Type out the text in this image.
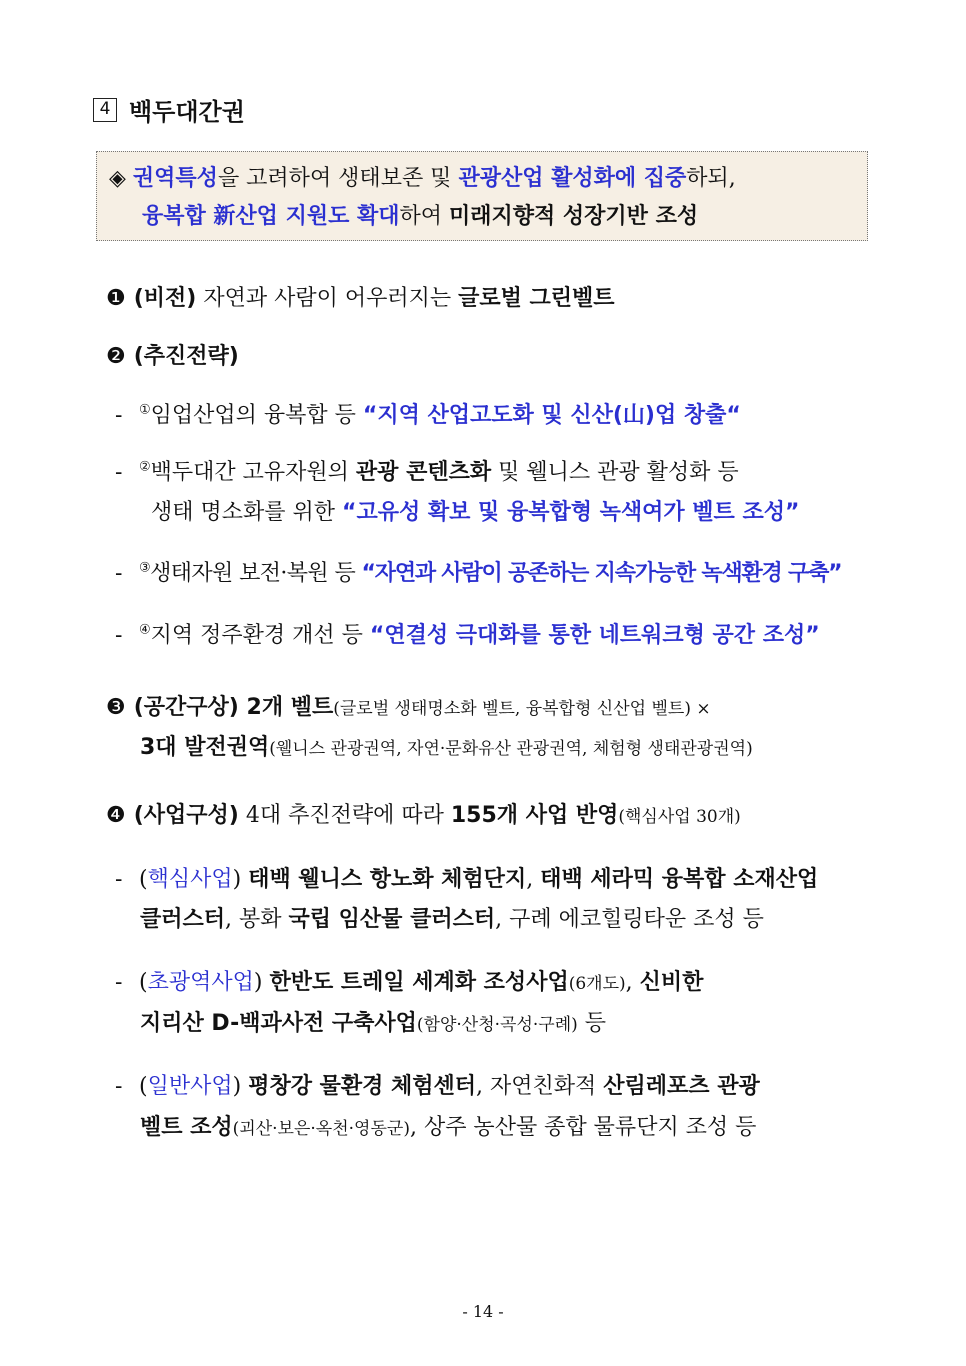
4 백두대간권
◈ 권역특성을 고려하여 생태보존 및 관광산업 활성화에 집중하되,
융복합 新산업 지원도 확대하여 미래지향적 성장기반 조성
❶ (비전) 자연과 사람이 어우러지는 글로벌 그린벨트
❷ (추진전략)
- ①임업산업의 융복합 등 “지역 산업고도화 및 신산(山)업 창출“
- ②백두대간 고유자원의 관광 콘텐츠화 및 웰니스 관광 활성화 등
생태 명소화를 위한 “고유성 확보 및 융복합형 녹색여가 벨트 조성”
- ③생태자원 보전·복원 등 “자연과 사람이 공존하는 지속가능한 녹색환경 구축”
- ④지역 정주환경 개선 등 “연결성 극대화를 통한 네트워크형 공간 조성”
❸ (공간구상) 2개 벨트(글로벌 생태명소화 벨트, 융복합형 신산업 벨트) ×
3대 발전권역(웰니스 관광권역, 자연·문화유산 관광권역, 체험형 생태관광권역)
❹ (사업구성) 4대 추진전략에 따라 155개 사업 반영(핵심사업 30개)
- (핵심사업) 태백 웰니스 항노화 체험단지, 태백 세라믹 융복합 소재산업
클러스터, 봉화 국립 임산물 클러스터, 구례 에코힐링타운 조성 등
- (초광역사업) 한반도 트레일 세계화 조성사업(6개도), 신비한
지리산 D-백과사전 구축사업(함양·산청·곡성·구례) 등
- (일반사업) 평창강 물환경 체험센터, 자연친화적 산림레포츠 관광
벨트 조성(괴산·보은·옥천·영동군), 상주 농산물 종합 물류단지 조성 등
- 14 -
